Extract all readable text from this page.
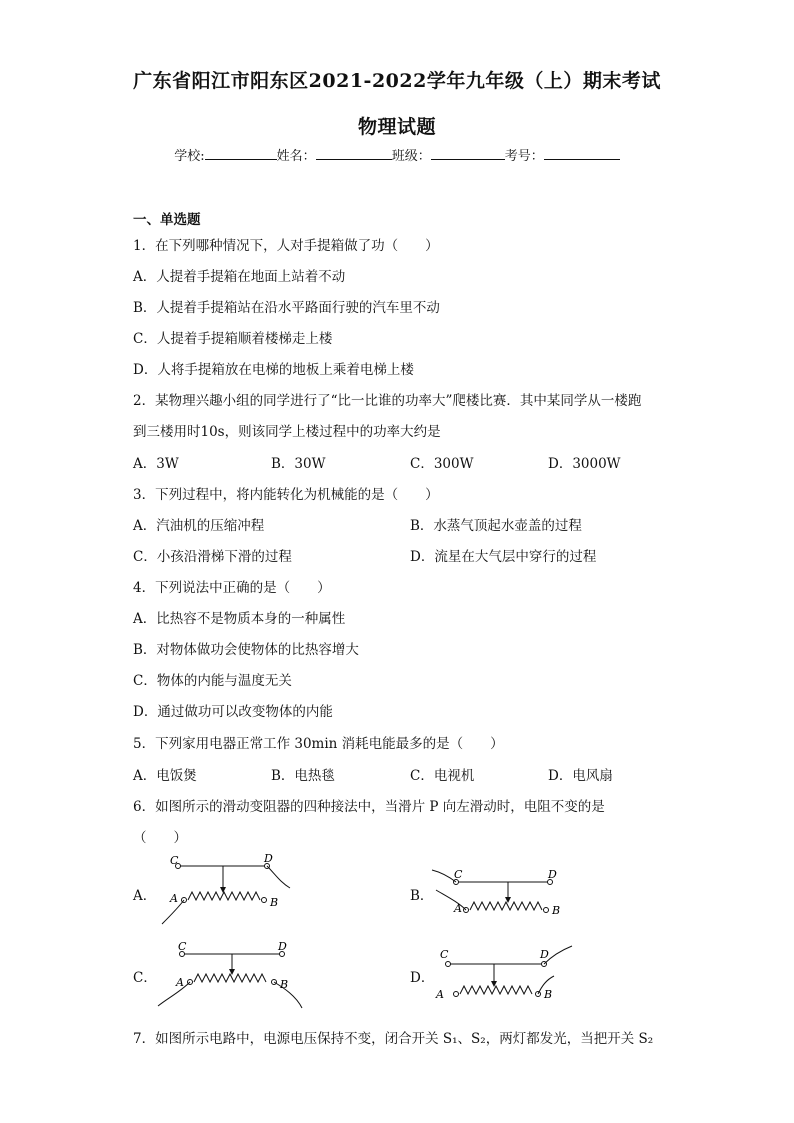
广东省阳江市阳东区2021-2022学年九年级（上）期末考试
物理试题
学校:	姓名：	班级：	考号：
一、单选题
1．在下列哪种情况下，人对手提箱做了功（　　）
A．人提着手提箱在地面上站着不动
B．人提着手提箱站在沿水平路面行驶的汽车里不动
C．人提着手提箱顺着楼梯走上楼
D．人将手提箱放在电梯的地板上乘着电梯上楼
2．某物理兴趣小组的同学进行了“比一比谁的功率大”爬楼比赛．其中某同学从一楼跑
到三楼用时10s，则该同学上楼过程中的功率大约是
A．3W	B．30W	C．300W	D．3000W
3．下列过程中，将内能转化为机械能的是（　　）
A．汽油机的压缩冲程	B．水蒸气顶起水壶盖的过程
C．小孩沿滑梯下滑的过程	D．流星在大气层中穿行的过程
4．下列说法中正确的是（　　）
A．比热容不是物质本身的一种属性
B．对物体做功会使物体的比热容增大
C．物体的内能与温度无关
D．通过做功可以改变物体的内能
5．下列家用电器正常工作 30min 消耗电能最多的是（　　）
A．电饭煲	B．电热毯	C．电视机	D．电风扇
6．如图所示的滑动变阻器的四种接法中，当滑片 P 向左滑动时，电阻不变的是
（　　）
A．	B．
C．	D．
C	D
A	B
C	D
A	B
C	D
A	B
C	D
A	B
7．如图所示电路中，电源电压保持不变，闭合开关 S₁、S₂，两灯都发光，当把开关 S₂
